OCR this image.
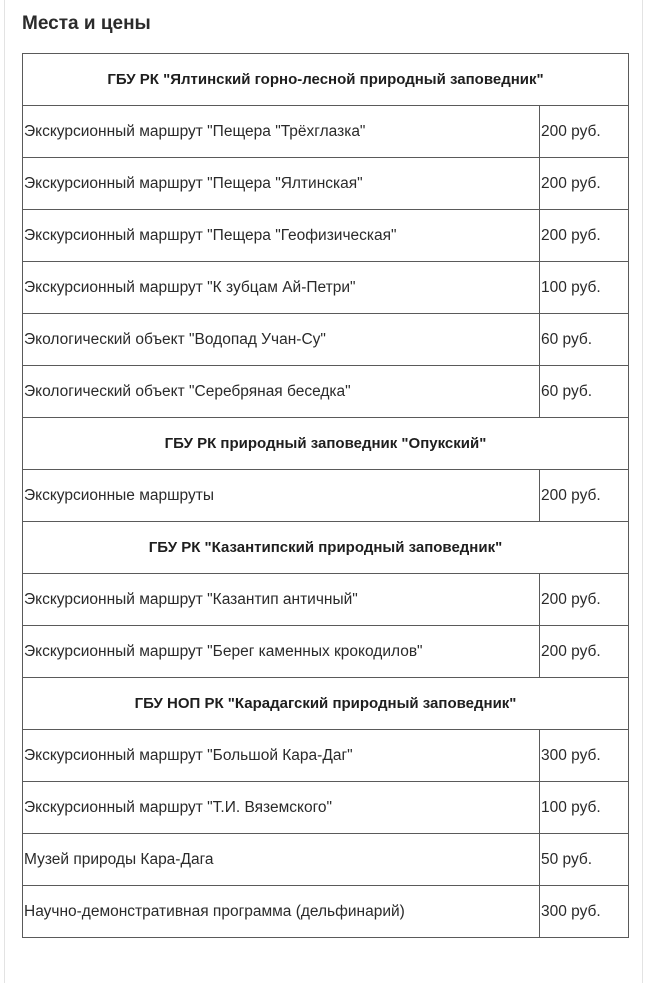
Места и цены
ГБУ РК "Ялтинский горно-лесной природный заповедник"	
Экскурсионный маршрут "Пещера "Трёхглазка"	200 руб.
Экскурсионный маршрут "Пещера "Ялтинская"	200 руб.
Экскурсионный маршрут "Пещера "Геофизическая"	200 руб.
Экскурсионный маршрут "К зубцам Ай-Петри"	100 руб.
Экологический объект "Водопад Учан-Су"	60 руб.
Экологический объект "Серебряная беседка"	60 руб.
ГБУ РК природный заповедник "Опукский"	
Экскурсионные маршруты	200 руб.
ГБУ РК "Казантипский природный заповедник"	
Экскурсионный маршрут "Казантип античный"	200 руб.
Экскурсионный маршрут "Берег каменных крокодилов"	200 руб.
ГБУ НОП РК "Карадагский природный заповедник"	
Экскурсионный маршрут "Большой Кара-Даг"	300 руб.
Экскурсионный маршрут "Т.И. Вяземского"	100 руб.
Музей природы Кара-Дага	50 руб.
Научно-демонстративная программа (дельфинарий)	300 руб.
